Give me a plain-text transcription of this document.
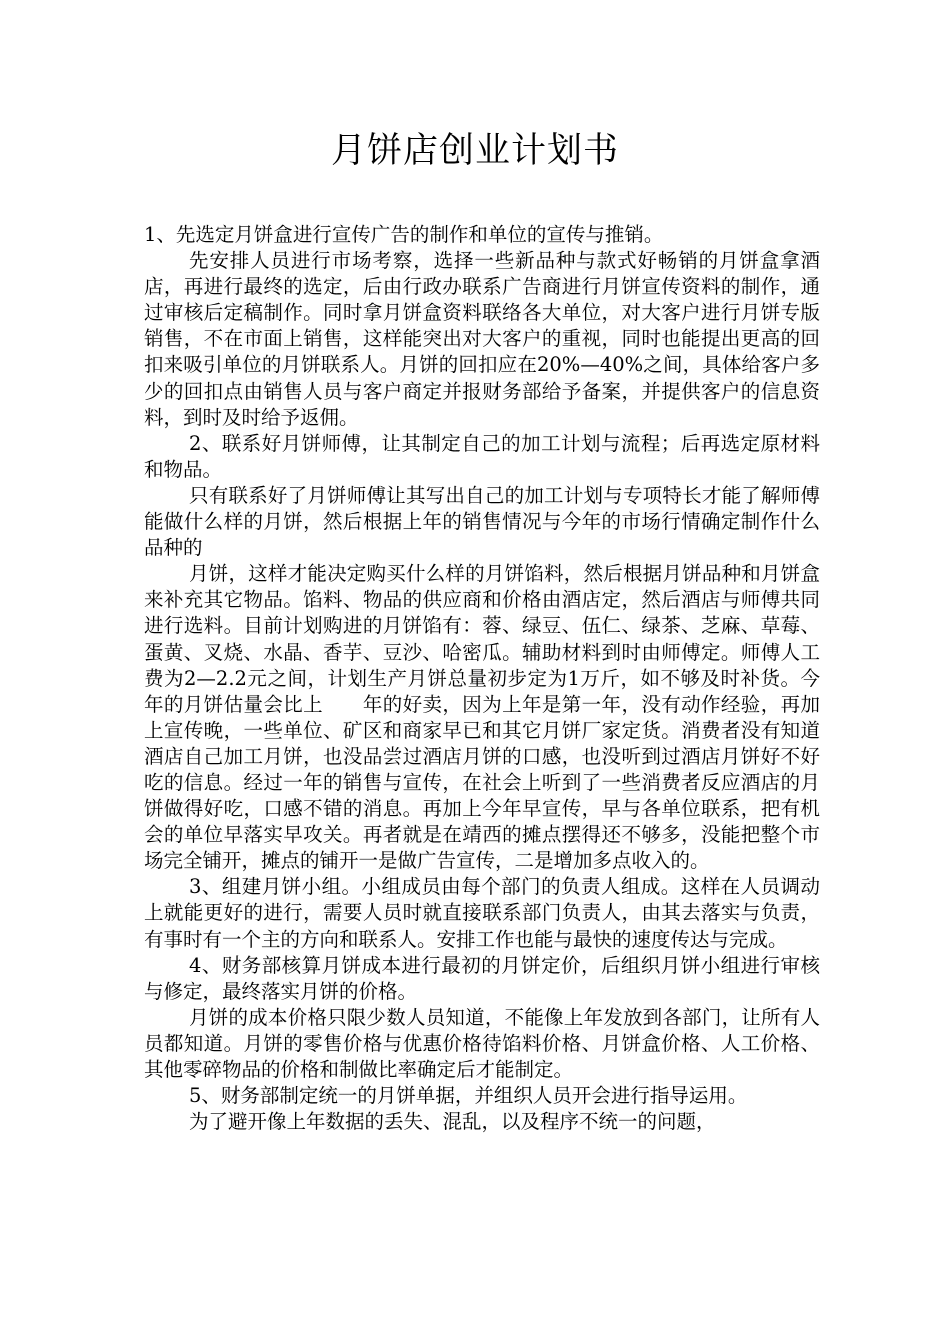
月饼店创业计划书

1、先选定月饼盒进行宣传广告的制作和单位的宣传与推销。

先安排人员进行市场考察，选择一些新品种与款式好畅销的月饼盒拿酒店，再进行最终的选定，后由行政办联系广告商进行月饼宣传资料的制作，通过审核后定稿制作。同时拿月饼盒资料联络各大单位，对大客户进行月饼专版销售，不在市面上销售，这样能突出对大客户的重视，同时也能提出更高的回扣来吸引单位的月饼联系人。月饼的回扣应在20%—40%之间，具体给客户多少的回扣点由销售人员与客户商定并报财务部给予备案，并提供客户的信息资料，到时及时给予返佣。

2、联系好月饼师傅，让其制定自己的加工计划与流程；后再选定原材料和物品。

只有联系好了月饼师傅让其写出自己的加工计划与专项特长才能了解师傅能做什么样的月饼，然后根据上年的销售情况与今年的市场行情确定制作什么品种的

月饼，这样才能决定购买什么样的月饼馅料，然后根据月饼品种和月饼盒来补充其它物品。馅料、物品的供应商和价格由酒店定，然后酒店与师傅共同进行选料。目前计划购进的月饼馅有：蓉、绿豆、伍仁、绿茶、芝麻、草莓、蛋黄、叉烧、水晶、香芋、豆沙、哈密瓜。辅助材料到时由师傅定。师傅人工费为2—2.2元之间，计划生产月饼总量初步定为1万斤，如不够及时补货。今年的月饼估量会比上　　年的好卖，因为上年是第一年，没有动作经验，再加上宣传晚，一些单位、矿区和商家早已和其它月饼厂家定货。消费者没有知道酒店自己加工月饼，也没品尝过酒店月饼的口感，也没听到过酒店月饼好不好吃的信息。经过一年的销售与宣传，在社会上听到了一些消费者反应酒店的月饼做得好吃，口感不错的消息。再加上今年早宣传，早与各单位联系，把有机会的单位早落实早攻关。再者就是在靖西的摊点摆得还不够多，没能把整个市场完全铺开，摊点的铺开一是做广告宣传，二是增加多点收入的。

3、组建月饼小组。小组成员由每个部门的负责人组成。这样在人员调动上就能更好的进行，需要人员时就直接联系部门负责人，由其去落实与负责，有事时有一个主的方向和联系人。安排工作也能与最快的速度传达与完成。

4、财务部核算月饼成本进行最初的月饼定价，后组织月饼小组进行审核与修定，最终落实月饼的价格。

月饼的成本价格只限少数人员知道，不能像上年发放到各部门，让所有人员都知道。月饼的零售价格与优惠价格待馅料价格、月饼盒价格、人工价格、其他零碎物品的价格和制做比率确定后才能制定。

5、财务部制定统一的月饼单据，并组织人员开会进行指导运用。

为了避开像上年数据的丢失、混乱，以及程序不统一的问题，
